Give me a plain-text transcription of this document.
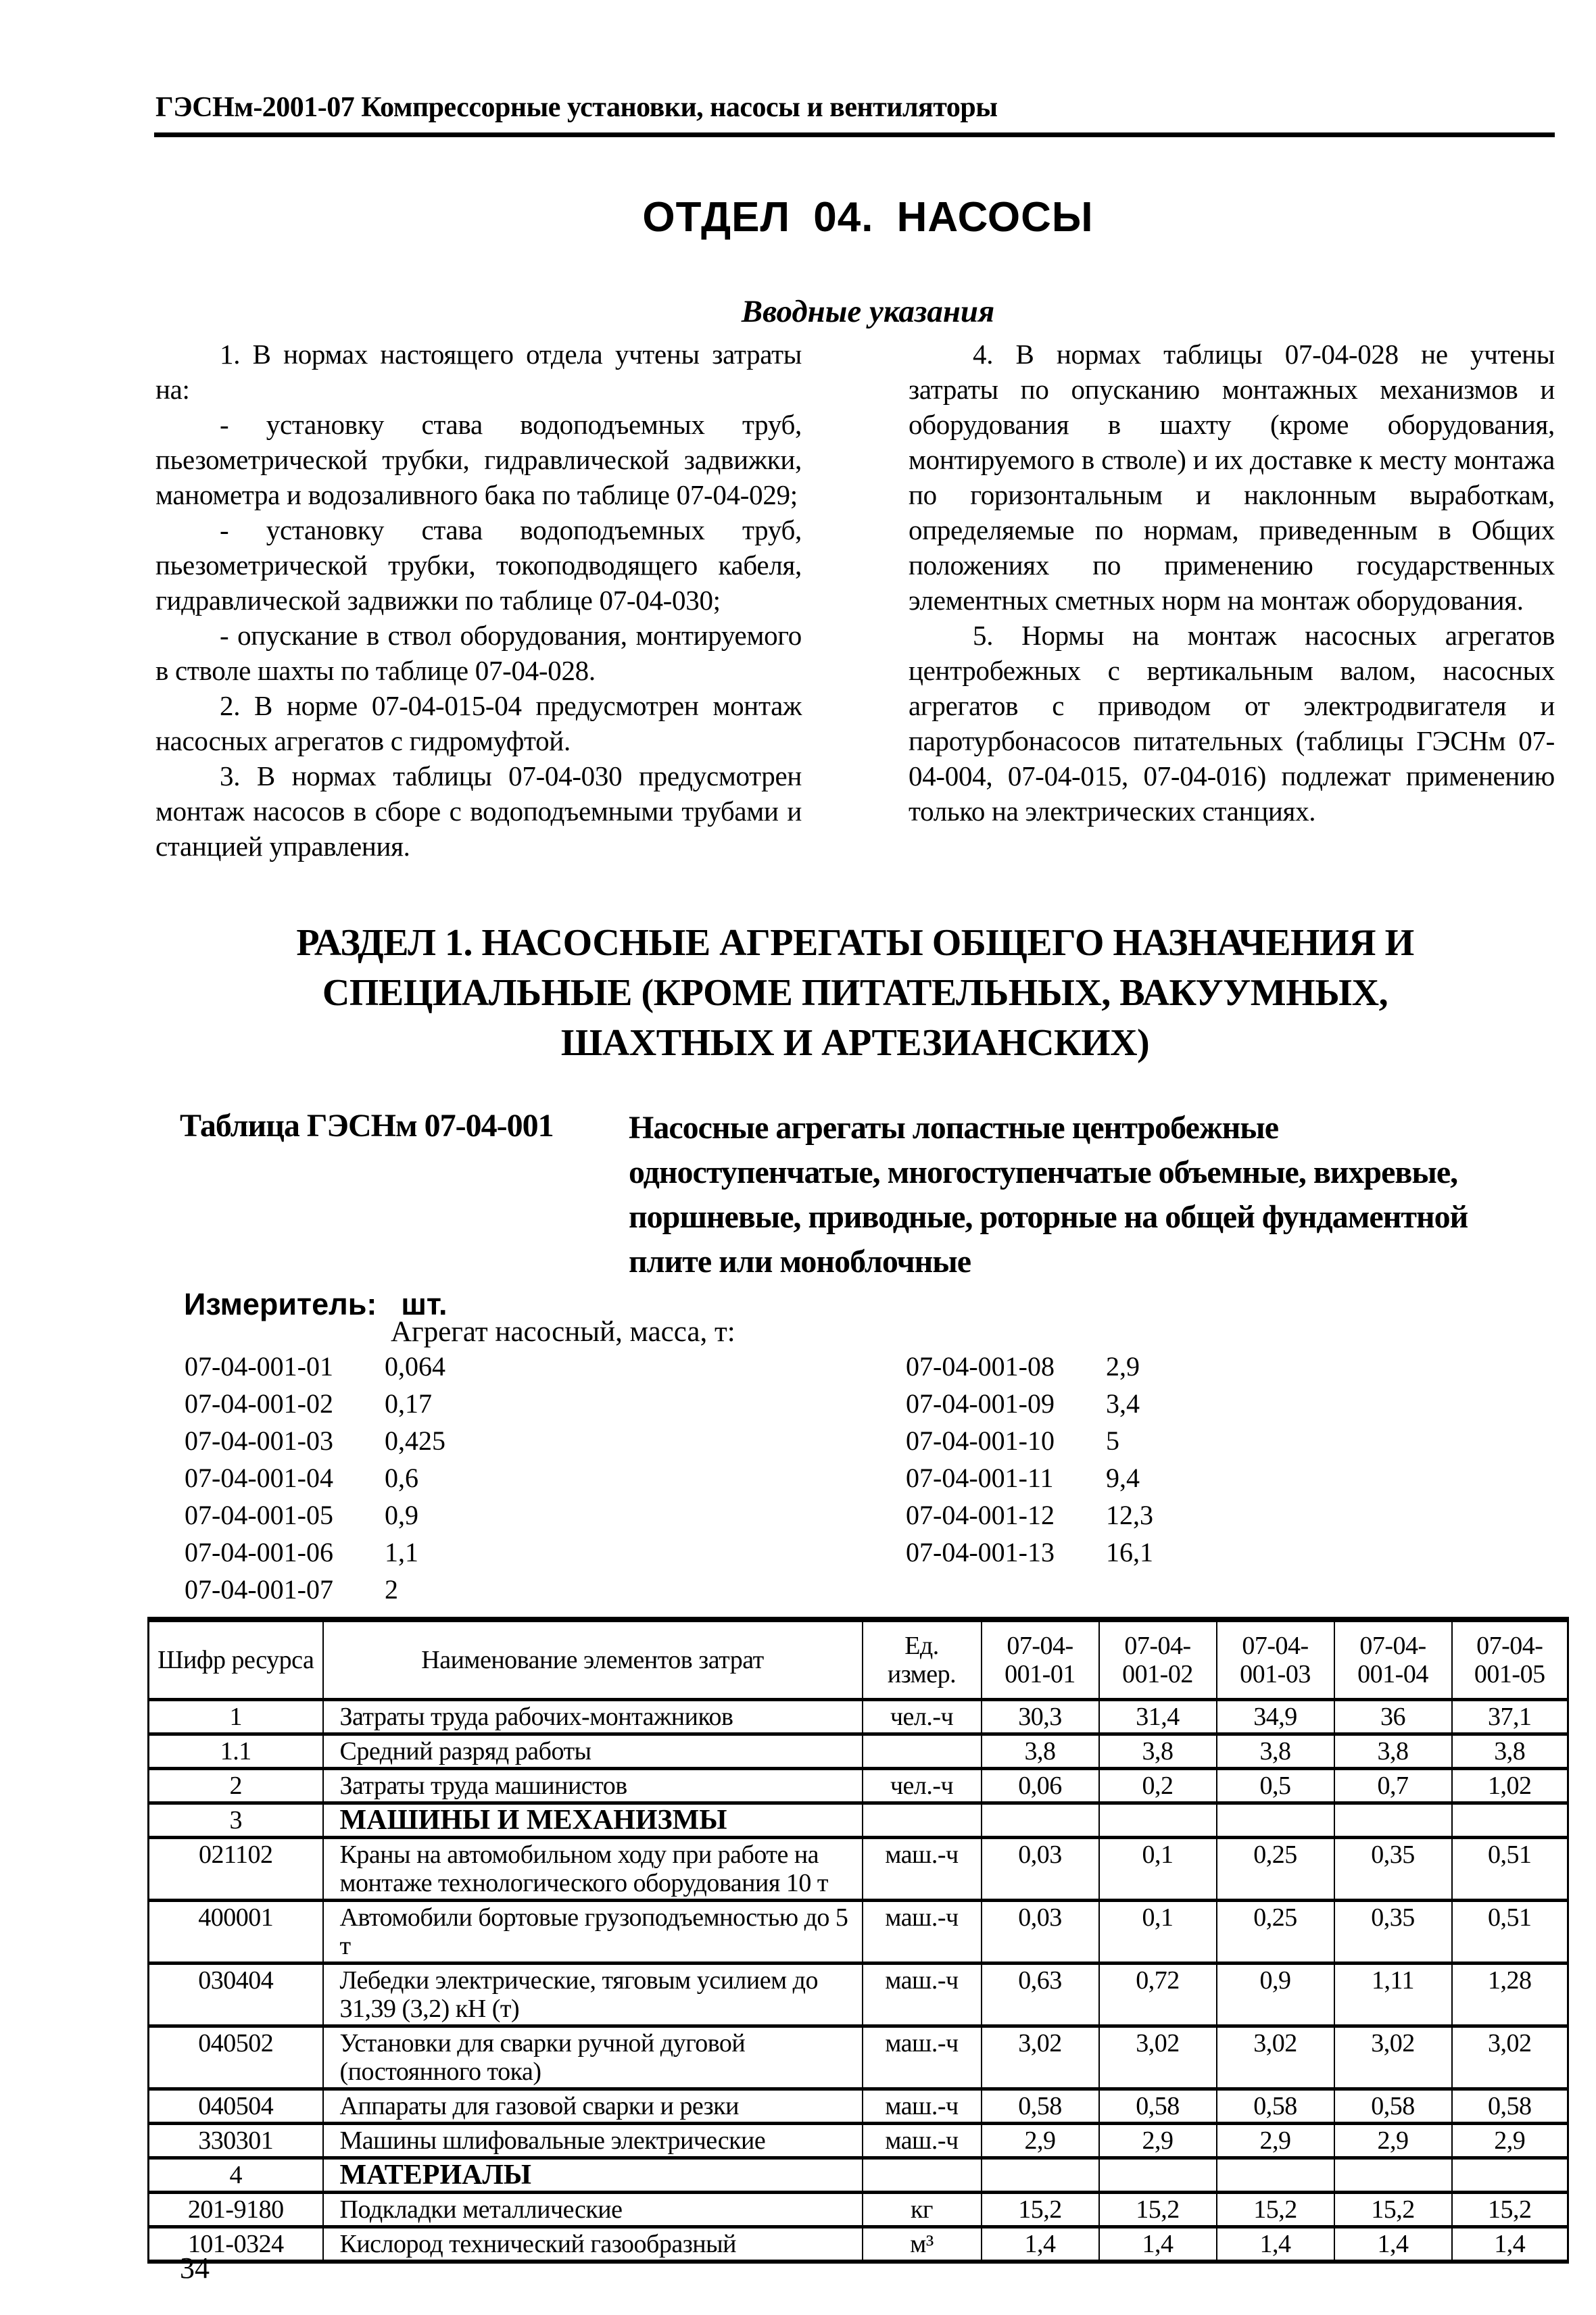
ГЭСНм-2001-07 Компрессорные установки, насосы и вентиляторы
ОТДЕЛ 04. НАСОСЫ
Вводные указания

1. В нормах настоящего отдела учтены затраты на:

- установку става водоподъемных труб, пьезометрической трубки, гидравлической задвижки, манометра и водозаливного бака по таблице 07-04-029;

- установку става водоподъемных труб, пьезометрической трубки, токоподводящего кабеля, гидравлической задвижки по таблице 07-04-030;

- опускание в ствол оборудования, монтируемого в стволе шахты по таблице 07-04-028.

2. В норме 07-04-015-04 предусмотрен монтаж насосных агрегатов с гидромуфтой.

3. В нормах таблицы 07-04-030 предусмотрен монтаж насосов в сборе с водоподъемными трубами и станцией управления.

4. В нормах таблицы 07-04-028 не учтены затраты по опусканию монтажных механизмов и оборудования в шахту (кроме оборудования, монтируемого в стволе) и их доставке к месту монтажа по горизонтальным и наклонным выработкам, определяемые по нормам, приведенным в Общих положениях по применению государственных элементных сметных норм на монтаж оборудования.

5. Нормы на монтаж насосных агрегатов центробежных с вертикальным валом, насосных агрегатов с приводом от электродвигателя и паротурбонасосов питательных (таблицы ГЭСНм 07-04-004, 07-04-015, 07-04-016) подлежат применению только на электрических станциях.

РАЗДЕЛ 1. НАСОСНЫЕ АГРЕГАТЫ ОБЩЕГО НАЗНАЧЕНИЯ И
СПЕЦИАЛЬНЫЕ (КРОМЕ ПИТАТЕЛЬНЫХ, ВАКУУМНЫХ,
ШАХТНЫХ И АРТЕЗИАНСКИХ)
Таблица ГЭСНм 07-04-001	Насосные агрегаты лопастные центробежные
одноступенчатые, многоступенчатые объемные, вихревые,
поршневые, приводные, роторные на общей фундаментной
плите или моноблочные
Измеритель: шт.
Агрегат насосный, масса, т:
07-04-001-01	0,064
07-04-001-02	0,17
07-04-001-03	0,425
07-04-001-04	0,6
07-04-001-05	0,9
07-04-001-06	1,1
07-04-001-07	2
07-04-001-08	2,9
07-04-001-09	3,4
07-04-001-10	5
07-04-001-11	9,4
07-04-001-12	12,3
07-04-001-13	16,1
Шифр ресурса	Наименование элементов затрат	Ед. измер.	07-04-001-01	07-04-001-02	07-04-001-03	07-04-001-04	07-04-001-05
1	Затраты труда рабочих-монтажников	чел.-ч	30,3	31,4	34,9	36	37,1
1.1	Средний разряд работы		3,8	3,8	3,8	3,8	3,8
2	Затраты труда машинистов	чел.-ч	0,06	0,2	0,5	0,7	1,02
3	МАШИНЫ И МЕХАНИЗМЫ						
021102	Краны на автомобильном ходу при работе на монтаже технологического оборудования 10 т	маш.-ч	0,03	0,1	0,25	0,35	0,51
400001	Автомобили бортовые грузоподъемностью до 5 т	маш.-ч	0,03	0,1	0,25	0,35	0,51
030404	Лебедки электрические, тяговым усилием до 31,39 (3,2) кН (т)	маш.-ч	0,63	0,72	0,9	1,11	1,28
040502	Установки для сварки ручной дуговой (постоянного тока)	маш.-ч	3,02	3,02	3,02	3,02	3,02
040504	Аппараты для газовой сварки и резки	маш.-ч	0,58	0,58	0,58	0,58	0,58
330301	Машины шлифовальные электрические	маш.-ч	2,9	2,9	2,9	2,9	2,9
4	МАТЕРИАЛЫ						
201-9180	Подкладки металлические	кг	15,2	15,2	15,2	15,2	15,2
101-0324	Кислород технический газообразный	м³	1,4	1,4	1,4	1,4	1,4
34
